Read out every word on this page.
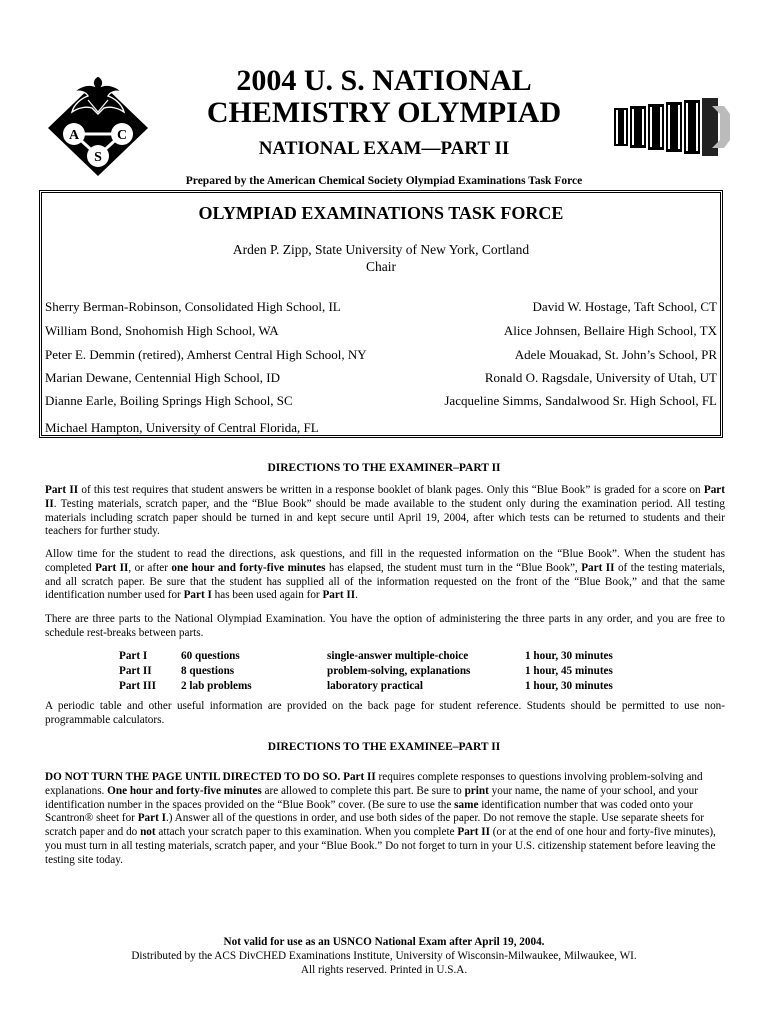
A	C
S
2004 U. S. NATIONAL
CHEMISTRY OLYMPIAD
NATIONAL EXAM—PART II
Prepared by the American Chemical Society Olympiad Examinations Task Force
OLYMPIAD EXAMINATIONS TASK FORCE
Arden P. Zipp, State University of New York, Cortland
Chair
Sherry Berman-Robinson, Consolidated High School, IL
William Bond, Snohomish High School, WA
Peter E. Demmin (retired), Amherst Central High School, NY
Marian Dewane, Centennial High School, ID
Dianne Earle, Boiling Springs High School, SC
Michael Hampton, University of Central Florida, FL
David W. Hostage, Taft School, CT
Alice Johnsen, Bellaire High School, TX
Adele Mouakad, St. John’s School, PR
Ronald O. Ragsdale, University of Utah, UT
Jacqueline Simms, Sandalwood Sr. High School, FL
DIRECTIONS TO THE EXAMINER–PART II
Part II of this test requires that student answers be written in a response booklet of blank pages. Only this “Blue Book” is graded for a score on Part II. Testing materials, scratch paper, and the “Blue Book” should be made available to the student only during the examination period. All testing materials including scratch paper should be turned in and kept secure until April 19, 2004, after which tests can be returned to students and their teachers for further study.
Allow time for the student to read the directions, ask questions, and fill in the requested information on the “Blue Book”. When the student has completed Part II, or after one hour and forty-five minutes has elapsed, the student must turn in the “Blue Book”, Part II of the testing materials, and all scratch paper. Be sure that the student has supplied all of the information requested on the front of the “Blue Book,” and that the same identification number used for Part I has been used again for Part II.
There are three parts to the National Olympiad Examination. You have the option of administering the three parts in any order, and you are free to schedule rest-breaks between parts.
Part I	60 questions	single-answer multiple-choice	1 hour, 30 minutes
Part II	8 questions	problem-solving, explanations	1 hour, 45 minutes
Part III	2 lab problems	laboratory practical	1 hour, 30 minutes
A periodic table and other useful information are provided on the back page for student reference. Students should be permitted to use non-programmable calculators.
DIRECTIONS TO THE EXAMINEE–PART II
DO NOT TURN THE PAGE UNTIL DIRECTED TO DO SO. Part II requires complete responses to questions involving problem-solving and explanations. One hour and forty-five minutes are allowed to complete this part. Be sure to print your name, the name of your school, and your identification number in the spaces provided on the “Blue Book” cover. (Be sure to use the same identification number that was coded onto your Scantron® sheet for Part I.) Answer all of the questions in order, and use both sides of the paper. Do not remove the staple. Use separate sheets for scratch paper and do not attach your scratch paper to this examination. When you complete Part II (or at the end of one hour and forty-five minutes), you must turn in all testing materials, scratch paper, and your “Blue Book.” Do not forget to turn in your U.S. citizenship statement before leaving the testing site today.
Not valid for use as an USNCO National Exam after April 19, 2004.
Distributed by the ACS DivCHED Examinations Institute, University of Wisconsin-Milwaukee, Milwaukee, WI.
All rights reserved. Printed in U.S.A.
